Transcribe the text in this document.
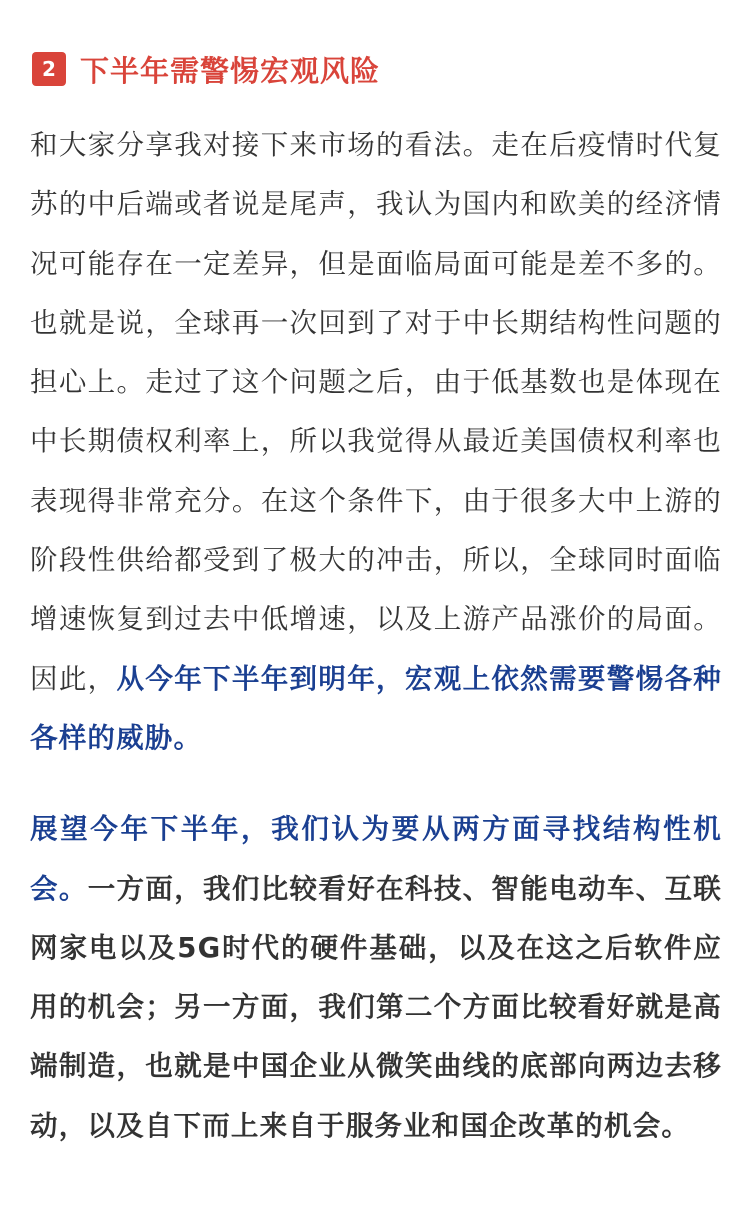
2 下半年需警惕宏观风险

和大家分享我对接下来市场的看法。走在后疫情时代复苏的中后端或者说是尾声，我认为国内和欧美的经济情况可能存在一定差异，但是面临局面可能是差不多的。也就是说，全球再一次回到了对于中长期结构性问题的担心上。走过了这个问题之后，由于低基数也是体现在中长期债权利率上，所以我觉得从最近美国债权利率也表现得非常充分。在这个条件下，由于很多大中上游的阶段性供给都受到了极大的冲击，所以，全球同时面临增速恢复到过去中低增速，以及上游产品涨价的局面。因此，从今年下半年到明年，宏观上依然需要警惕各种各样的威胁。

展望今年下半年，我们认为要从两方面寻找结构性机会。一方面，我们比较看好在科技、智能电动车、互联网家电以及5G时代的硬件基础，以及在这之后软件应用的机会；另一方面，我们第二个方面比较看好就是高端制造，也就是中国企业从微笑曲线的底部向两边去移动，以及自下而上来自于服务业和国企改革的机会。
